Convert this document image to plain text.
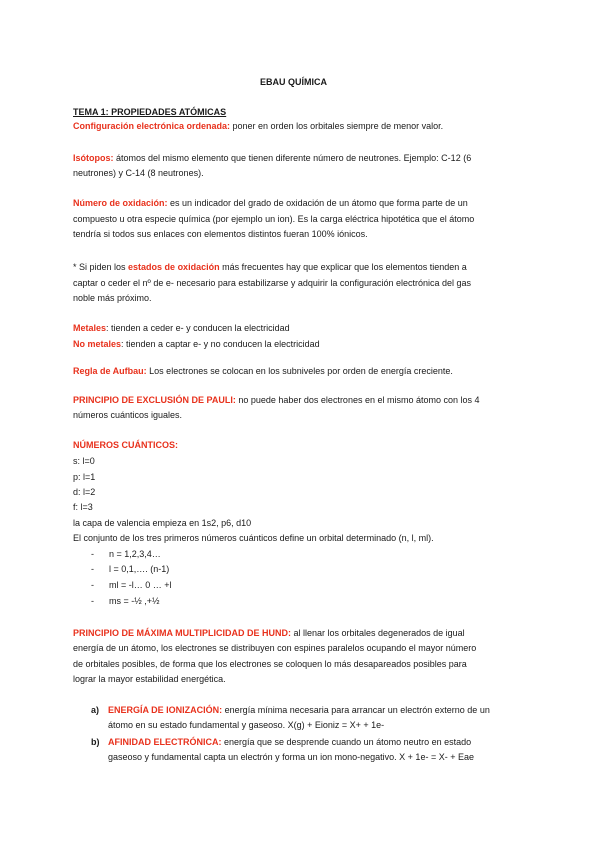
EBAU QUÍMICA
TEMA 1: PROPIEDADES ATÓMICAS
Configuración electrónica ordenada: poner en orden los orbitales siempre de menor valor.
Isótopos: átomos del mismo elemento que tienen diferente número de neutrones. Ejemplo: C-12 (6
neutrones) y C-14 (8 neutrones).
Número de oxidación: es un indicador del grado de oxidación de un átomo que forma parte de un
compuesto u otra especie química (por ejemplo un ion). Es la carga eléctrica hipotética que el átomo
tendría si todos sus enlaces con elementos distintos fueran 100% iónicos.
* Si piden los estados de oxidación más frecuentes hay que explicar que los elementos tienden a
captar o ceder el nº de e- necesario para estabilizarse y adquirir la configuración electrónica del gas
noble más próximo.
Metales: tienden a ceder e- y conducen la electricidad
No metales: tienden a captar e- y no conducen la electricidad
Regla de Aufbau: Los electrones se colocan en los subniveles por orden de energía creciente.
PRINCIPIO DE EXCLUSIÓN DE PAULI: no puede haber dos electrones en el mismo átomo con los 4
números cuánticos iguales.
NÚMEROS CUÁNTICOS:
s: l=0
p: l=1
d: l=2
f: l=3
la capa de valencia empieza en 1s2, p6, d10
El conjunto de los tres primeros números cuánticos define un orbital determinado (n, l, ml).
- n = 1,2,3,4…
- l = 0,1,…. (n-1)
- ml = -l… 0 … +l
- ms = -½ ,+½
PRINCIPIO DE MÁXIMA MULTIPLICIDAD DE HUND: al llenar los orbitales degenerados de igual
energía de un átomo, los electrones se distribuyen con espines paralelos ocupando el mayor número
de orbitales posibles, de forma que los electrones se coloquen lo más desapareados posibles para
lograr la mayor estabilidad energética.
a) ENERGÍA DE IONIZACIÓN: energía mínima necesaria para arrancar un electrón externo de un
átomo en su estado fundamental y gaseoso. X(g) + Eioniz = X+ + 1e-
b) AFINIDAD ELECTRÓNICA: energía que se desprende cuando un átomo neutro en estado
gaseoso y fundamental capta un electrón y forma un ion mono-negativo. X + 1e- = X- + Eae
